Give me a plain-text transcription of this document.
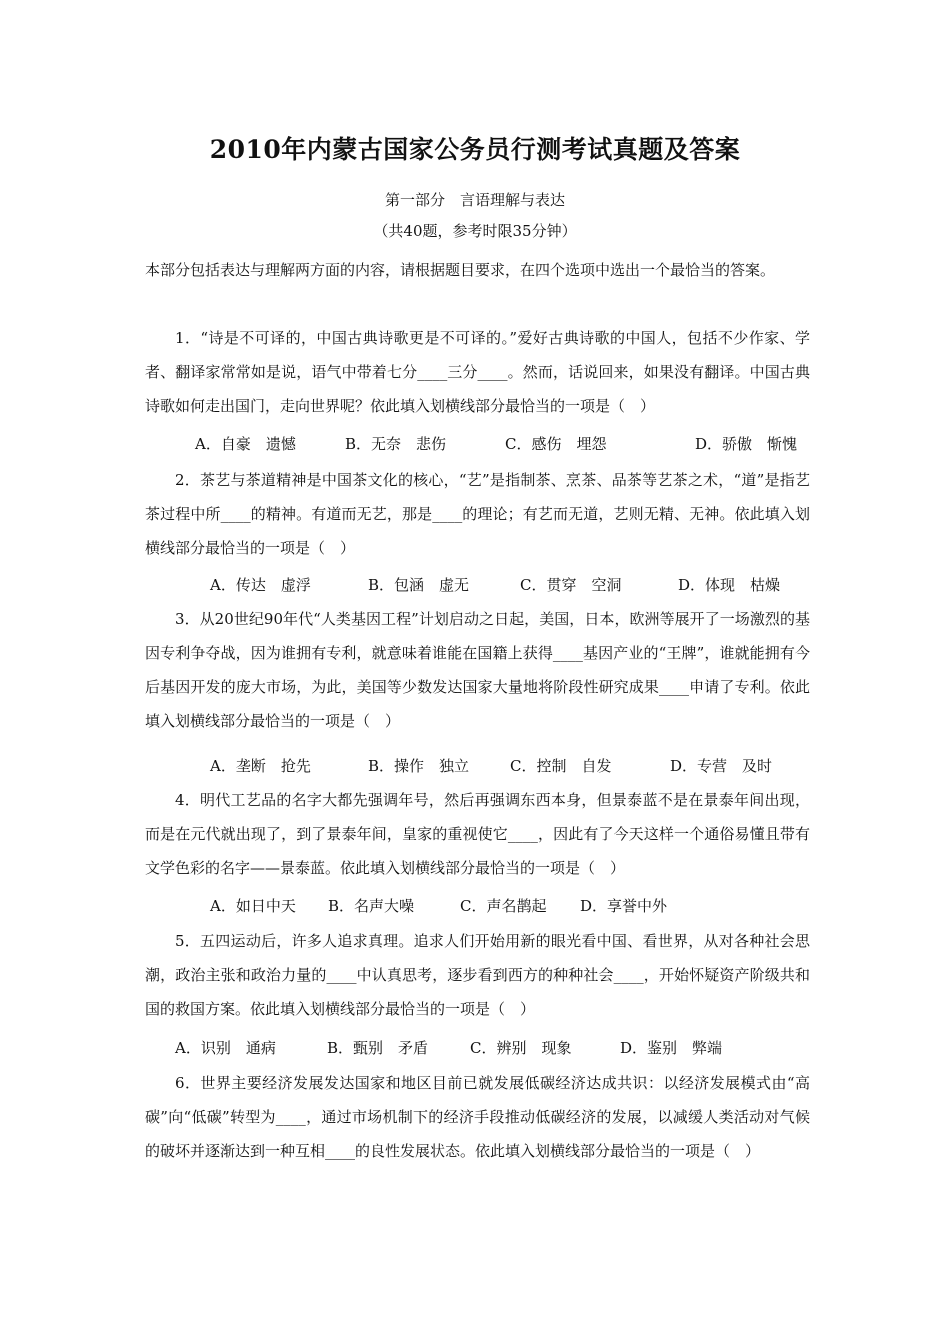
2010年内蒙古国家公务员行测考试真题及答案
第一部分　言语理解与表达
（共40题，参考时限35分钟）
本部分包括表达与理解两方面的内容，请根据题目要求，在四个选项中选出一个最恰当的答案。
1．“诗是不可译的，中国古典诗歌更是不可译的。”爱好古典诗歌的中国人，包括不少作家、学者、翻译家常常如是说，语气中带着七分____三分____。然而，话说回来，如果没有翻译。中国古典诗歌如何走出国门，走向世界呢？依此填入划横线部分最恰当的一项是（　）
A．自豪　遗憾	B．无奈　悲伤	C．感伤　埋怨	D．骄傲　惭愧
2．茶艺与茶道精神是中国茶文化的核心，“艺”是指制茶、烹茶、品茶等艺茶之术，“道”是指艺茶过程中所____的精神。有道而无艺，那是____的理论；有艺而无道，艺则无精、无神。依此填入划横线部分最恰当的一项是（　）
A．传达　虚浮	B．包涵　虚无	C．贯穿　空洞	D．体现　枯燥
3．从20世纪90年代“人类基因工程”计划启动之日起，美国，日本，欧洲等展开了一场激烈的基因专利争夺战，因为谁拥有专利，就意味着谁能在国籍上获得____基因产业的“王牌”，谁就能拥有今后基因开发的庞大市场，为此，美国等少数发达国家大量地将阶段性研究成果____申请了专利。依此填入划横线部分最恰当的一项是（　）
A．垄断　抢先	B．操作　独立	C．控制　自发	D．专营　及时
4．明代工艺品的名字大都先强调年号，然后再强调东西本身，但景泰蓝不是在景泰年间出现，而是在元代就出现了，到了景泰年间，皇家的重视使它____，因此有了今天这样一个通俗易懂且带有文学色彩的名字——景泰蓝。依此填入划横线部分最恰当的一项是（　）
A．如日中天 B．名声大噪	C．声名鹊起 D．享誉中外
5．五四运动后，许多人追求真理。追求人们开始用新的眼光看中国、看世界，从对各种社会思潮，政治主张和政治力量的____中认真思考，逐步看到西方的种种社会____，开始怀疑资产阶级共和国的救国方案。依此填入划横线部分最恰当的一项是（　）
A．识别　通病	B．甄别　矛盾	C．辨别　现象	D．鉴别　弊端
6．世界主要经济发展发达国家和地区目前已就发展低碳经济达成共识：以经济发展模式由“高碳”向“低碳”转型为____，通过市场机制下的经济手段推动低碳经济的发展，以减缓人类活动对气候的破坏并逐渐达到一种互相____的良性发展状态。依此填入划横线部分最恰当的一项是（　）
